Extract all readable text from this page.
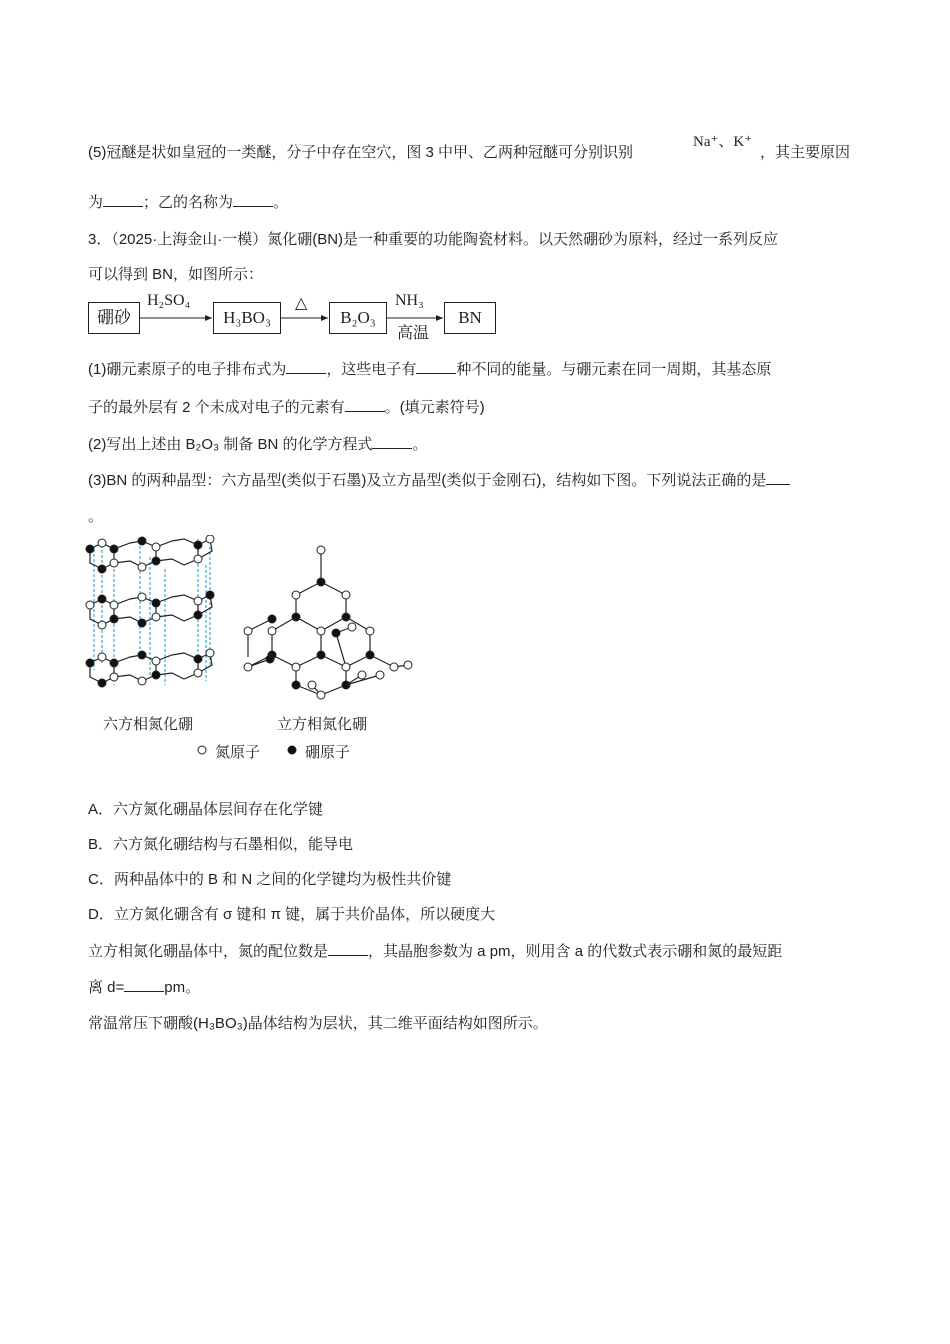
(5)冠醚是状如皇冠的一类醚，分子中存在空穴，图 3 中甲、乙两种冠醚可分别识别
Na⁺、K⁺
，其主要原因
为	；乙的名称为	。
3．（2025·上海金山·一模）氮化硼(BN)是一种重要的功能陶瓷材料。以天然硼砂为原料，经过一系列反应
可以得到 BN，如图所示：
硼砂	H₃BO₃	B₂O₃	BN
H₂SO₄	△	NH₃
高温
(1)硼元素原子的电子排布式为	，这些电子有	种不同的能量。与硼元素在同一周期，其基态原
子的最外层有 2 个未成对电子的元素有	。(填元素符号)
(2)写出上述由 B₂O₃ 制备 BN 的化学方程式	。
(3)BN 的两种晶型：六方晶型(类似于石墨)及立方晶型(类似于金刚石)，结构如下图。下列说法正确的是
。
六方相氮化硼	立方相氮化硼
氮原子	硼原子
A．六方氮化硼晶体层间存在化学键
B．六方氮化硼结构与石墨相似，能导电
C．两种晶体中的 B 和 N 之间的化学键均为极性共价键
D．立方氮化硼含有 σ 键和 π 键，属于共价晶体，所以硬度大
立方相氮化硼晶体中，氮的配位数是	，其晶胞参数为 a pm，则用含 a 的代数式表示硼和氮的最短距
离 d=	pm。
常温常压下硼酸(H₃BO₃)晶体结构为层状，其二维平面结构如图所示。
